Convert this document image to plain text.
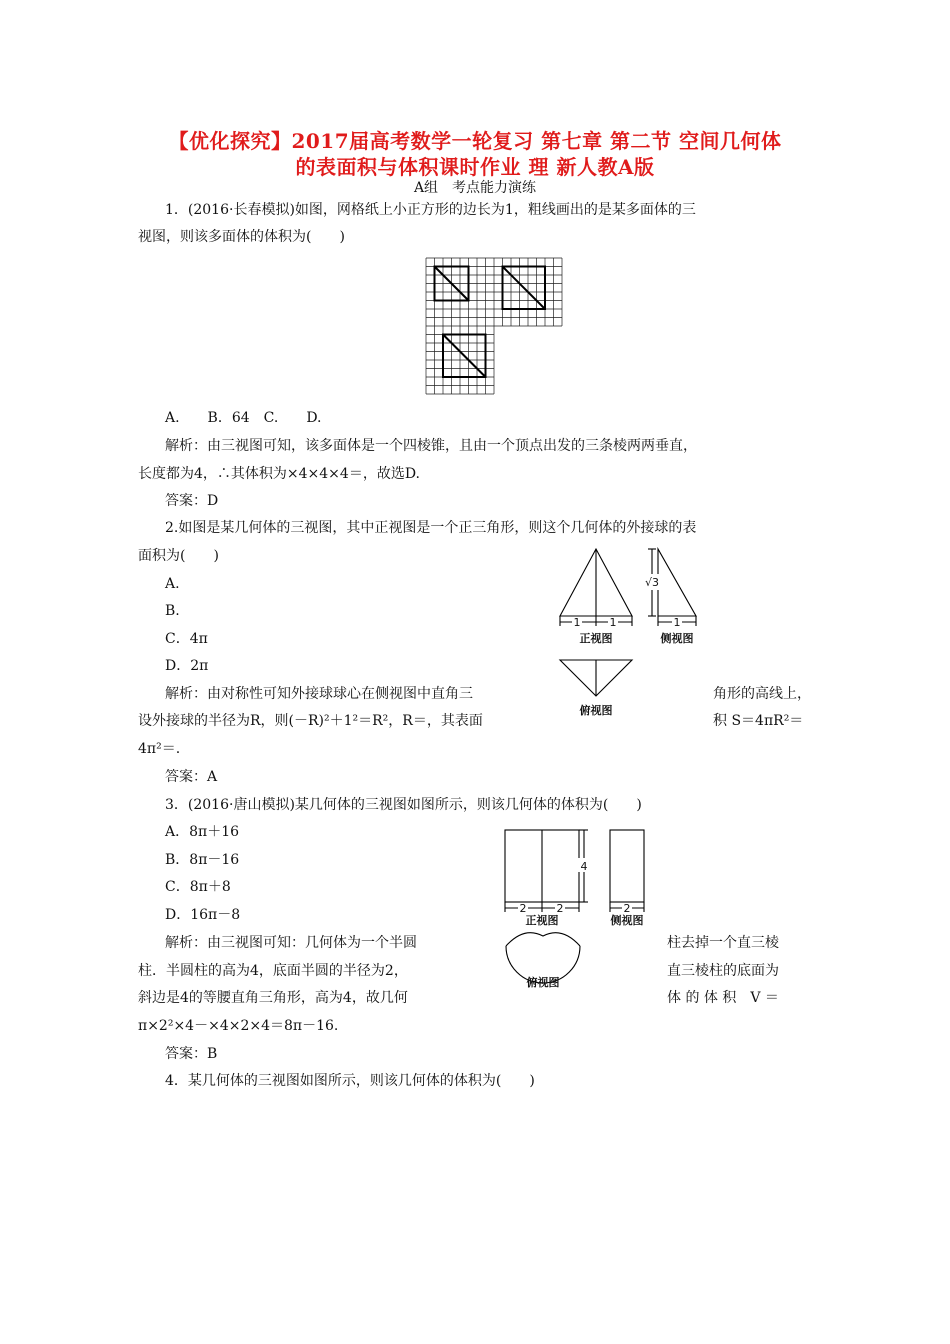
【优化探究】2017届高考数学一轮复习 第七章 第二节 空间几何体
的表面积与体积课时作业 理 新人教A版
A组　考点能力演练
1．(2016·长春模拟)如图，网格纸上小正方形的边长为1，粗线画出的是某多面体的三
视图，则该多面体的体积为(　　)
A.　　B．64　C.　　D.
解析：由三视图可知，该多面体是一个四棱锥，且由一个顶点出发的三条棱两两垂直，
长度都为4，∴其体积为×4×4×4＝，故选D.
答案：D
2.如图是某几何体的三视图，其中正视图是一个正三角形，则这个几何体的外接球的表
面积为(　　)
A.
B.
C．4π
D．2π
1	1	1
√3
正视图	侧视图
俯视图
解析：由对称性可知外接球球心在侧视图中直角三	角形的高线上，
设外接球的半径为R，则(－R)²＋1²＝R²，R＝，其表面	积 S＝4πR²＝
4π²＝.
答案：A
3．(2016·唐山模拟)某几何体的三视图如图所示，则该几何体的体积为(　　)
A．8π＋16
B．8π－16
C．8π＋8
D．16π－8	2	2	2
4
正视图	侧视图
俯视图
解析：由三视图可知：几何体为一个半圆	柱去掉一个直三棱
柱．半圆柱的高为4，底面半圆的半径为2，	直三棱柱的底面为
斜边是4的等腰直角三角形，高为4，故几何	体 的 体 积　V ＝
π×2²×4－×4×2×4＝8π－16.
答案：B
4．某几何体的三视图如图所示，则该几何体的体积为(　　)
